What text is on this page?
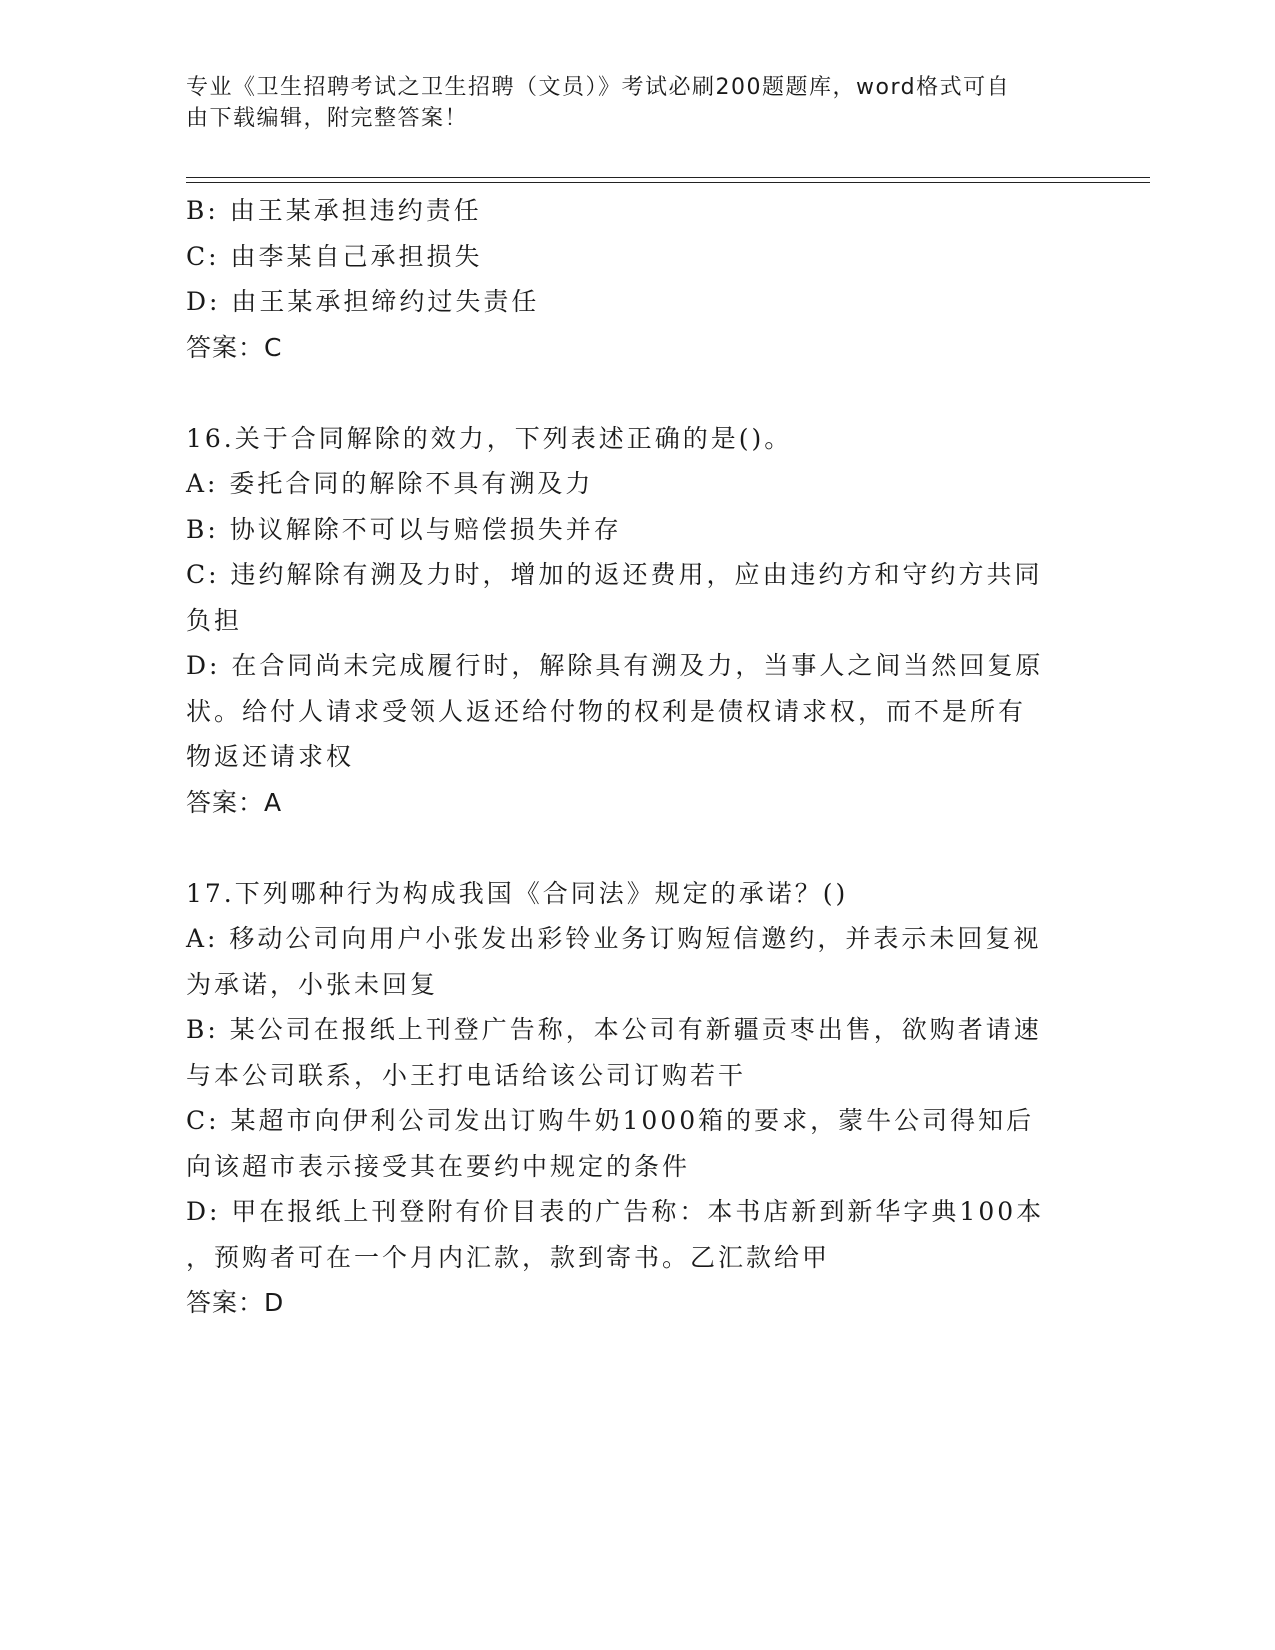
专业《卫生招聘考试之卫生招聘（文员）》考试必刷200题题库，word格式可自
由下载编辑，附完整答案！

B: 由王某承担违约责任

C: 由李某自己承担损失

D: 由王某承担缔约过失责任

答案：C

16.关于合同解除的效力，下列表述正确的是()。

A: 委托合同的解除不具有溯及力

B: 协议解除不可以与赔偿损失并存

C: 违约解除有溯及力时，增加的返还费用，应由违约方和守约方共同

负担

D: 在合同尚未完成履行时，解除具有溯及力，当事人之间当然回复原

状。给付人请求受领人返还给付物的权利是债权请求权，而不是所有

物返还请求权

答案：A

17.下列哪种行为构成我国《合同法》规定的承诺？()

A: 移动公司向用户小张发出彩铃业务订购短信邀约，并表示未回复视

为承诺，小张未回复

B: 某公司在报纸上刊登广告称，本公司有新疆贡枣出售，欲购者请速

与本公司联系，小王打电话给该公司订购若干

C: 某超市向伊利公司发出订购牛奶1000箱的要求，蒙牛公司得知后

向该超市表示接受其在要约中规定的条件

D: 甲在报纸上刊登附有价目表的广告称：本书店新到新华字典100本

，预购者可在一个月内汇款，款到寄书。乙汇款给甲

答案：D
